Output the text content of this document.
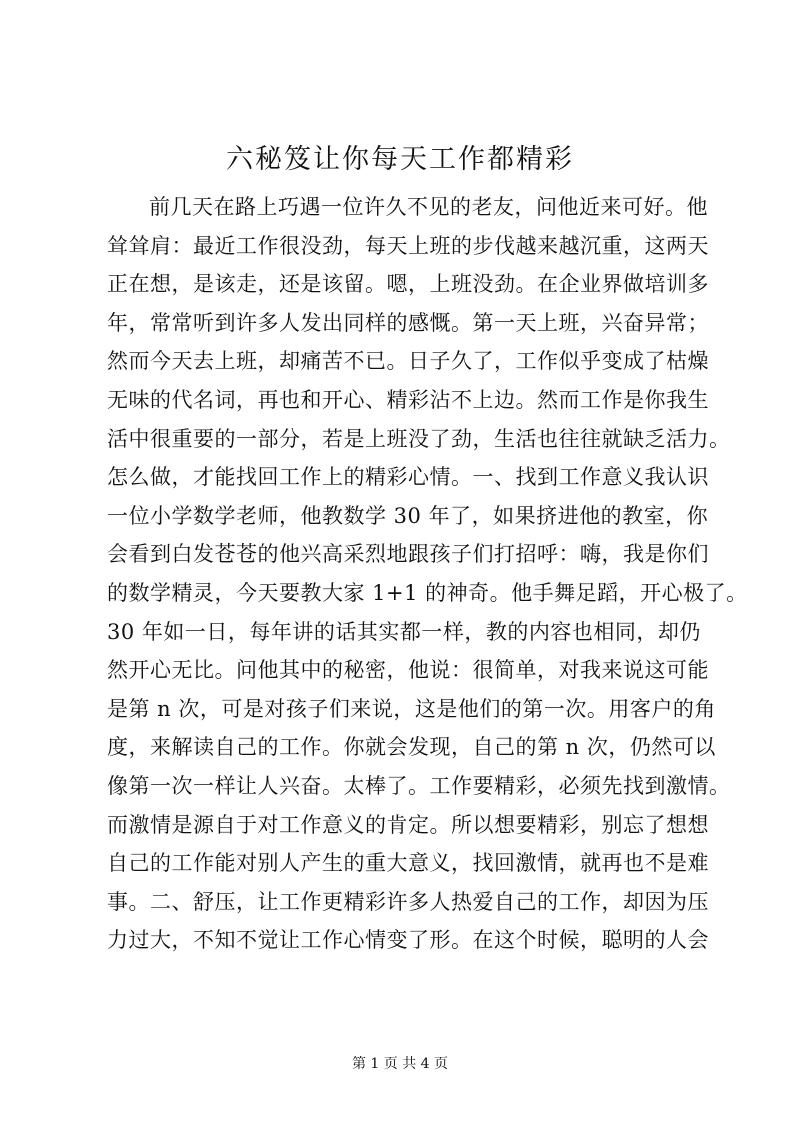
六秘笈让你每天工作都精彩
前几天在路上巧遇一位许久不见的老友，问他近来可好。他
耸耸肩：最近工作很没劲，每天上班的步伐越来越沉重，这两天
正在想，是该走，还是该留。嗯，上班没劲。在企业界做培训多
年，常常听到许多人发出同样的感慨。第一天上班，兴奋异常；
然而今天去上班，却痛苦不已。日子久了，工作似乎变成了枯燥
无味的代名词，再也和开心、精彩沾不上边。然而工作是你我生
活中很重要的一部分，若是上班没了劲，生活也往往就缺乏活力。
怎么做，才能找回工作上的精彩心情。一、找到工作意义我认识
一位小学数学老师，他教数学 30 年了，如果挤进他的教室，你
会看到白发苍苍的他兴高采烈地跟孩子们打招呼：嗨，我是你们
的数学精灵，今天要教大家 1+1 的神奇。他手舞足蹈，开心极了。
30 年如一日，每年讲的话其实都一样，教的内容也相同，却仍
然开心无比。问他其中的秘密，他说：很简单，对我来说这可能
是第 n 次，可是对孩子们来说，这是他们的第一次。用客户的角
度，来解读自己的工作。你就会发现，自己的第 n 次，仍然可以
像第一次一样让人兴奋。太棒了。工作要精彩，必须先找到激情。
而激情是源自于对工作意义的肯定。所以想要精彩，别忘了想想
自己的工作能对别人产生的重大意义，找回激情，就再也不是难
事。二、舒压，让工作更精彩许多人热爱自己的工作，却因为压
力过大，不知不觉让工作心情变了形。在这个时候，聪明的人会
第 1 页 共 4 页
